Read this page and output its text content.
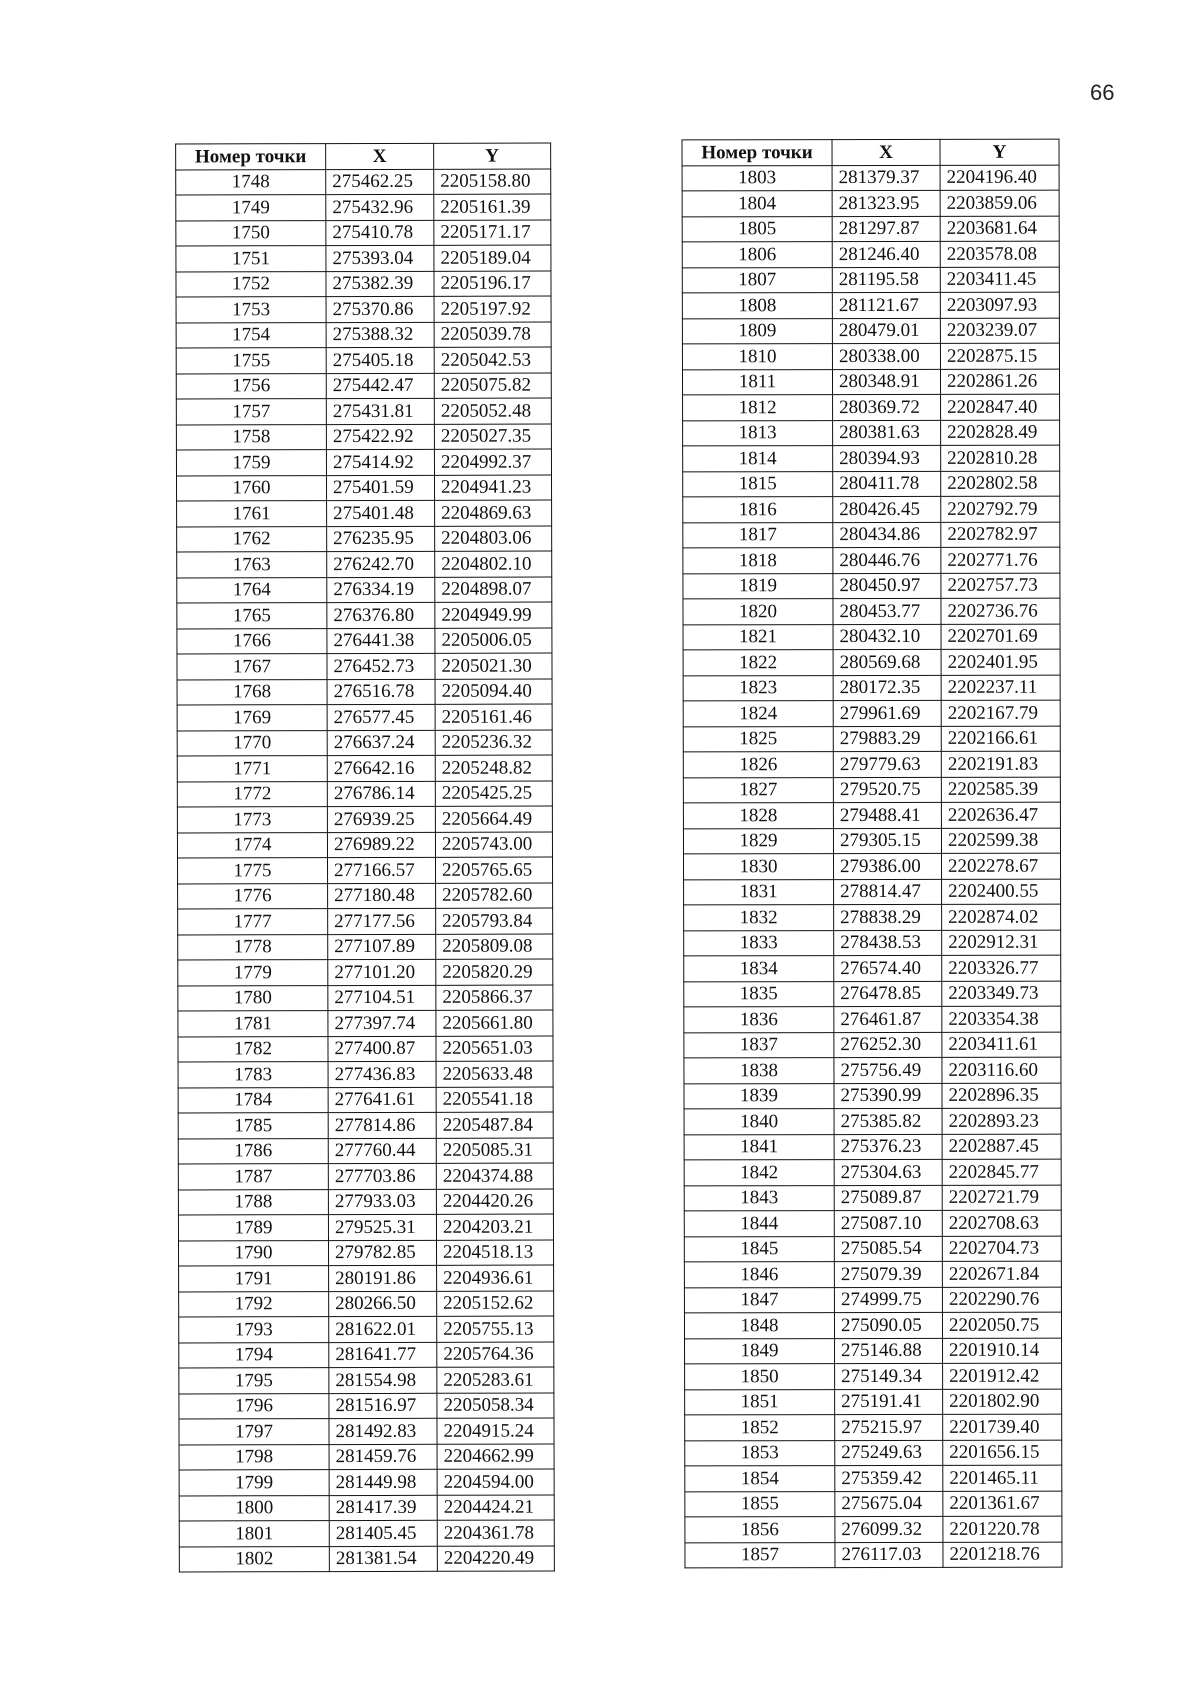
66
Номер точки	X	Y
1748	275462.25	2205158.80
1749	275432.96	2205161.39
1750	275410.78	2205171.17
1751	275393.04	2205189.04
1752	275382.39	2205196.17
1753	275370.86	2205197.92
1754	275388.32	2205039.78
1755	275405.18	2205042.53
1756	275442.47	2205075.82
1757	275431.81	2205052.48
1758	275422.92	2205027.35
1759	275414.92	2204992.37
1760	275401.59	2204941.23
1761	275401.48	2204869.63
1762	276235.95	2204803.06
1763	276242.70	2204802.10
1764	276334.19	2204898.07
1765	276376.80	2204949.99
1766	276441.38	2205006.05
1767	276452.73	2205021.30
1768	276516.78	2205094.40
1769	276577.45	2205161.46
1770	276637.24	2205236.32
1771	276642.16	2205248.82
1772	276786.14	2205425.25
1773	276939.25	2205664.49
1774	276989.22	2205743.00
1775	277166.57	2205765.65
1776	277180.48	2205782.60
1777	277177.56	2205793.84
1778	277107.89	2205809.08
1779	277101.20	2205820.29
1780	277104.51	2205866.37
1781	277397.74	2205661.80
1782	277400.87	2205651.03
1783	277436.83	2205633.48
1784	277641.61	2205541.18
1785	277814.86	2205487.84
1786	277760.44	2205085.31
1787	277703.86	2204374.88
1788	277933.03	2204420.26
1789	279525.31	2204203.21
1790	279782.85	2204518.13
1791	280191.86	2204936.61
1792	280266.50	2205152.62
1793	281622.01	2205755.13
1794	281641.77	2205764.36
1795	281554.98	2205283.61
1796	281516.97	2205058.34
1797	281492.83	2204915.24
1798	281459.76	2204662.99
1799	281449.98	2204594.00
1800	281417.39	2204424.21
1801	281405.45	2204361.78
1802	281381.54	2204220.49
Номер точки	X	Y
1803	281379.37	2204196.40
1804	281323.95	2203859.06
1805	281297.87	2203681.64
1806	281246.40	2203578.08
1807	281195.58	2203411.45
1808	281121.67	2203097.93
1809	280479.01	2203239.07
1810	280338.00	2202875.15
1811	280348.91	2202861.26
1812	280369.72	2202847.40
1813	280381.63	2202828.49
1814	280394.93	2202810.28
1815	280411.78	2202802.58
1816	280426.45	2202792.79
1817	280434.86	2202782.97
1818	280446.76	2202771.76
1819	280450.97	2202757.73
1820	280453.77	2202736.76
1821	280432.10	2202701.69
1822	280569.68	2202401.95
1823	280172.35	2202237.11
1824	279961.69	2202167.79
1825	279883.29	2202166.61
1826	279779.63	2202191.83
1827	279520.75	2202585.39
1828	279488.41	2202636.47
1829	279305.15	2202599.38
1830	279386.00	2202278.67
1831	278814.47	2202400.55
1832	278838.29	2202874.02
1833	278438.53	2202912.31
1834	276574.40	2203326.77
1835	276478.85	2203349.73
1836	276461.87	2203354.38
1837	276252.30	2203411.61
1838	275756.49	2203116.60
1839	275390.99	2202896.35
1840	275385.82	2202893.23
1841	275376.23	2202887.45
1842	275304.63	2202845.77
1843	275089.87	2202721.79
1844	275087.10	2202708.63
1845	275085.54	2202704.73
1846	275079.39	2202671.84
1847	274999.75	2202290.76
1848	275090.05	2202050.75
1849	275146.88	2201910.14
1850	275149.34	2201912.42
1851	275191.41	2201802.90
1852	275215.97	2201739.40
1853	275249.63	2201656.15
1854	275359.42	2201465.11
1855	275675.04	2201361.67
1856	276099.32	2201220.78
1857	276117.03	2201218.76
